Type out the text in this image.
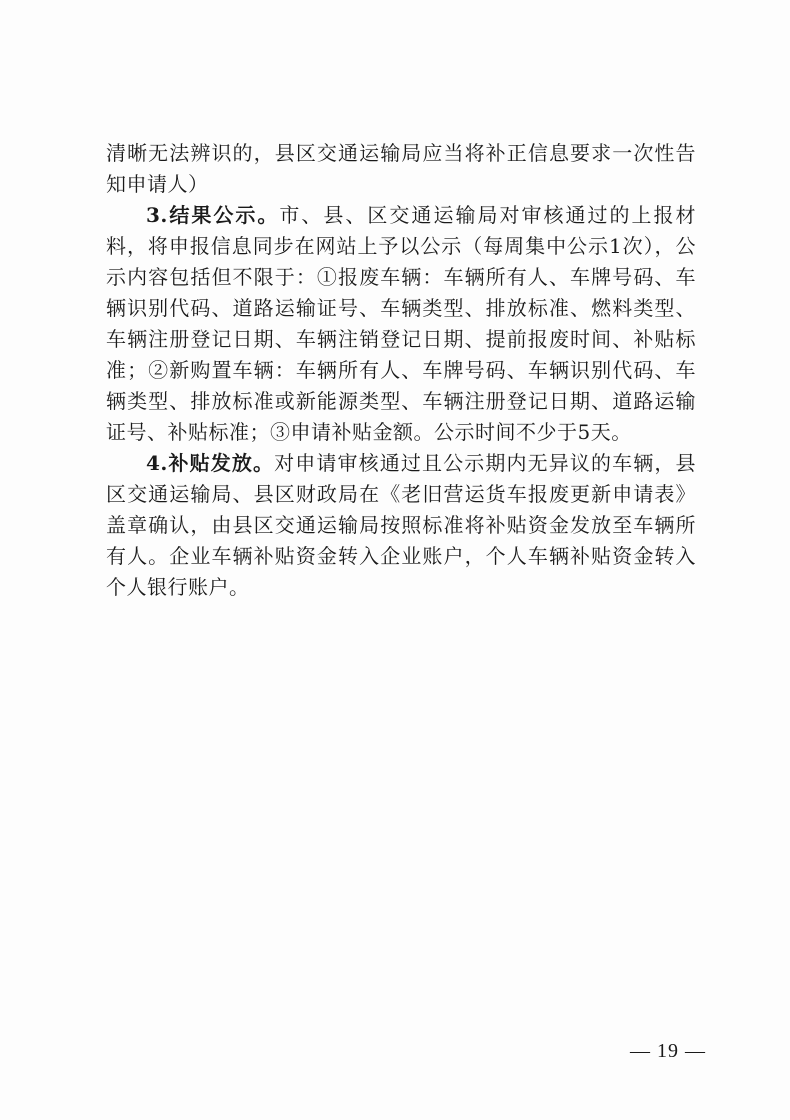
清晰无法辨识的，县区交通运输局应当将补正信息要求一次性告知申请人）

3.结果公示。市、县、区交通运输局对审核通过的上报材料，将申报信息同步在网站上予以公示（每周集中公示1次），公示内容包括但不限于：①报废车辆：车辆所有人、车牌号码、车辆识别代码、道路运输证号、车辆类型、排放标准、燃料类型、车辆注册登记日期、车辆注销登记日期、提前报废时间、补贴标准；②新购置车辆：车辆所有人、车牌号码、车辆识别代码、车辆类型、排放标准或新能源类型、车辆注册登记日期、道路运输证号、补贴标准；③申请补贴金额。公示时间不少于5天。

4.补贴发放。对申请审核通过且公示期内无异议的车辆，县区交通运输局、县区财政局在《老旧营运货车报废更新申请表》盖章确认，由县区交通运输局按照标准将补贴资金发放至车辆所有人。企业车辆补贴资金转入企业账户，个人车辆补贴资金转入个人银行账户。

— 19 —
